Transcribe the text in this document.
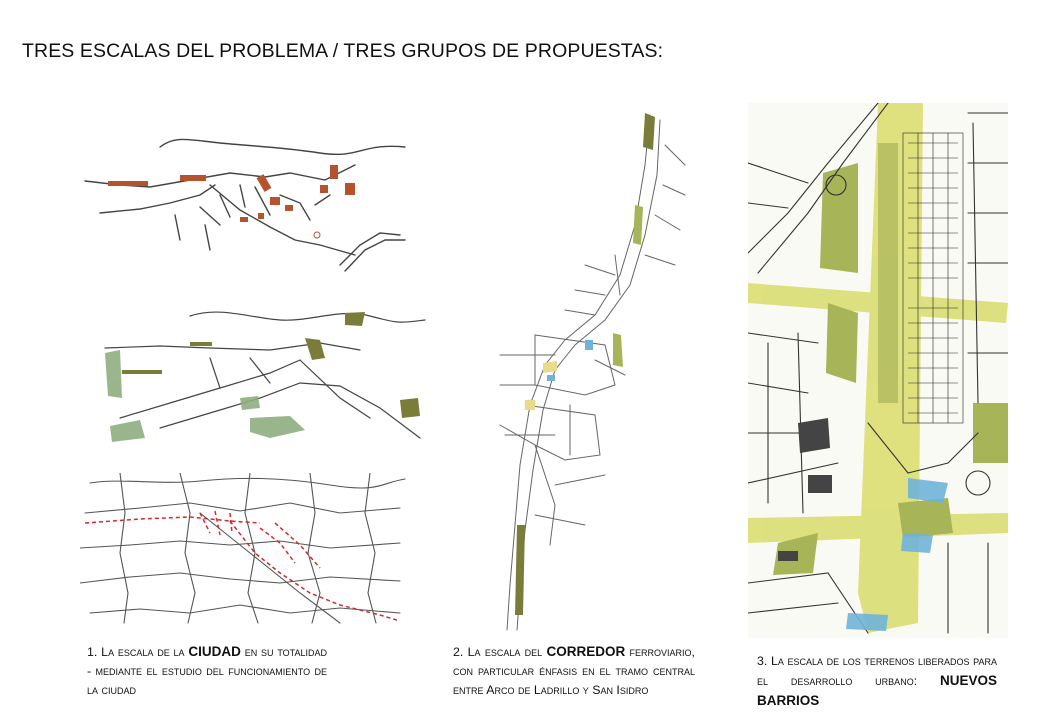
TRES ESCALAS DEL PROBLEMA / TRES GRUPOS DE PROPUESTAS:
1. La escala de la CIUDAD en su totalidad - mediante el estudio del funcionamiento de la ciudad
2. La escala del CORREDOR ferroviario, con particular énfasis en el tramo central entre Arco de Ladrillo y San Isidro
3. La escala de los terrenos liberados para el desarrollo urbano: NUEVOS BARRIOS
